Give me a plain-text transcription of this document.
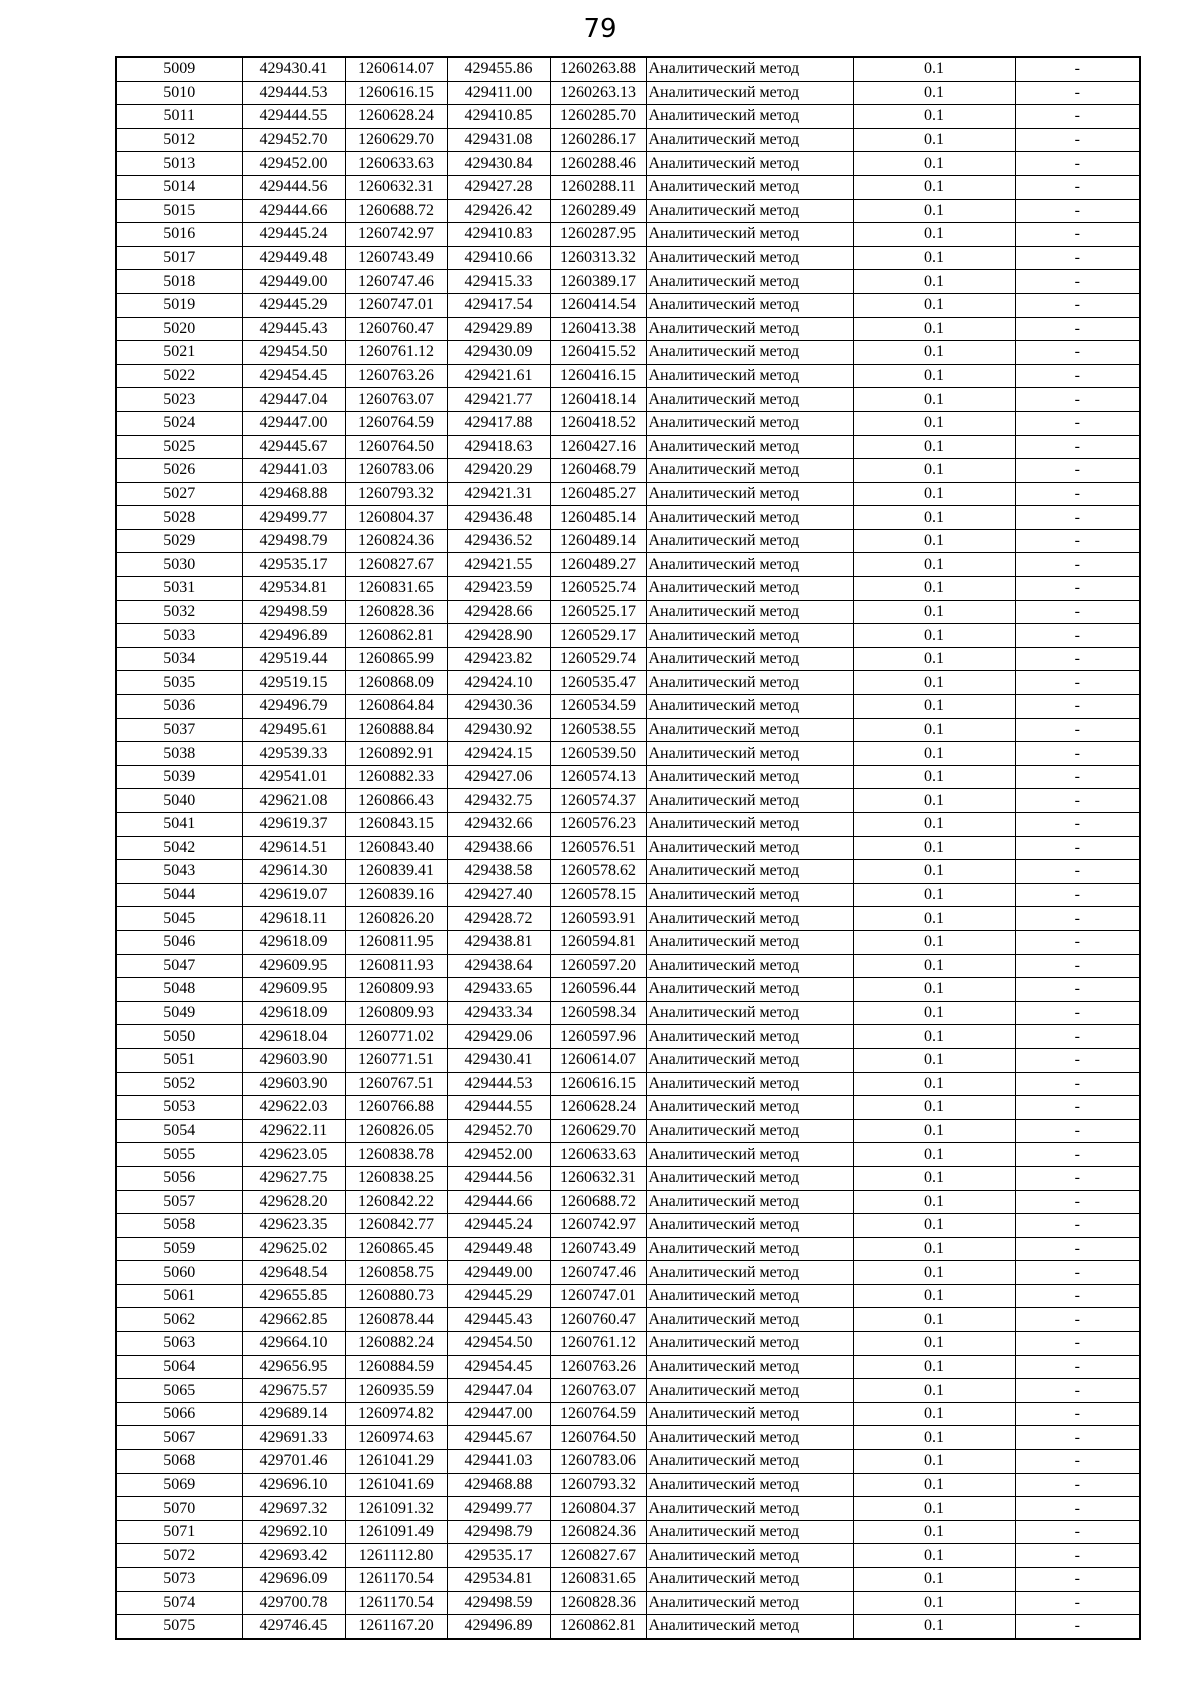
79
5009	429430.41	1260614.07	429455.86	1260263.88	Аналитический метод	0.1	-
5010	429444.53	1260616.15	429411.00	1260263.13	Аналитический метод	0.1	-
5011	429444.55	1260628.24	429410.85	1260285.70	Аналитический метод	0.1	-
5012	429452.70	1260629.70	429431.08	1260286.17	Аналитический метод	0.1	-
5013	429452.00	1260633.63	429430.84	1260288.46	Аналитический метод	0.1	-
5014	429444.56	1260632.31	429427.28	1260288.11	Аналитический метод	0.1	-
5015	429444.66	1260688.72	429426.42	1260289.49	Аналитический метод	0.1	-
5016	429445.24	1260742.97	429410.83	1260287.95	Аналитический метод	0.1	-
5017	429449.48	1260743.49	429410.66	1260313.32	Аналитический метод	0.1	-
5018	429449.00	1260747.46	429415.33	1260389.17	Аналитический метод	0.1	-
5019	429445.29	1260747.01	429417.54	1260414.54	Аналитический метод	0.1	-
5020	429445.43	1260760.47	429429.89	1260413.38	Аналитический метод	0.1	-
5021	429454.50	1260761.12	429430.09	1260415.52	Аналитический метод	0.1	-
5022	429454.45	1260763.26	429421.61	1260416.15	Аналитический метод	0.1	-
5023	429447.04	1260763.07	429421.77	1260418.14	Аналитический метод	0.1	-
5024	429447.00	1260764.59	429417.88	1260418.52	Аналитический метод	0.1	-
5025	429445.67	1260764.50	429418.63	1260427.16	Аналитический метод	0.1	-
5026	429441.03	1260783.06	429420.29	1260468.79	Аналитический метод	0.1	-
5027	429468.88	1260793.32	429421.31	1260485.27	Аналитический метод	0.1	-
5028	429499.77	1260804.37	429436.48	1260485.14	Аналитический метод	0.1	-
5029	429498.79	1260824.36	429436.52	1260489.14	Аналитический метод	0.1	-
5030	429535.17	1260827.67	429421.55	1260489.27	Аналитический метод	0.1	-
5031	429534.81	1260831.65	429423.59	1260525.74	Аналитический метод	0.1	-
5032	429498.59	1260828.36	429428.66	1260525.17	Аналитический метод	0.1	-
5033	429496.89	1260862.81	429428.90	1260529.17	Аналитический метод	0.1	-
5034	429519.44	1260865.99	429423.82	1260529.74	Аналитический метод	0.1	-
5035	429519.15	1260868.09	429424.10	1260535.47	Аналитический метод	0.1	-
5036	429496.79	1260864.84	429430.36	1260534.59	Аналитический метод	0.1	-
5037	429495.61	1260888.84	429430.92	1260538.55	Аналитический метод	0.1	-
5038	429539.33	1260892.91	429424.15	1260539.50	Аналитический метод	0.1	-
5039	429541.01	1260882.33	429427.06	1260574.13	Аналитический метод	0.1	-
5040	429621.08	1260866.43	429432.75	1260574.37	Аналитический метод	0.1	-
5041	429619.37	1260843.15	429432.66	1260576.23	Аналитический метод	0.1	-
5042	429614.51	1260843.40	429438.66	1260576.51	Аналитический метод	0.1	-
5043	429614.30	1260839.41	429438.58	1260578.62	Аналитический метод	0.1	-
5044	429619.07	1260839.16	429427.40	1260578.15	Аналитический метод	0.1	-
5045	429618.11	1260826.20	429428.72	1260593.91	Аналитический метод	0.1	-
5046	429618.09	1260811.95	429438.81	1260594.81	Аналитический метод	0.1	-
5047	429609.95	1260811.93	429438.64	1260597.20	Аналитический метод	0.1	-
5048	429609.95	1260809.93	429433.65	1260596.44	Аналитический метод	0.1	-
5049	429618.09	1260809.93	429433.34	1260598.34	Аналитический метод	0.1	-
5050	429618.04	1260771.02	429429.06	1260597.96	Аналитический метод	0.1	-
5051	429603.90	1260771.51	429430.41	1260614.07	Аналитический метод	0.1	-
5052	429603.90	1260767.51	429444.53	1260616.15	Аналитический метод	0.1	-
5053	429622.03	1260766.88	429444.55	1260628.24	Аналитический метод	0.1	-
5054	429622.11	1260826.05	429452.70	1260629.70	Аналитический метод	0.1	-
5055	429623.05	1260838.78	429452.00	1260633.63	Аналитический метод	0.1	-
5056	429627.75	1260838.25	429444.56	1260632.31	Аналитический метод	0.1	-
5057	429628.20	1260842.22	429444.66	1260688.72	Аналитический метод	0.1	-
5058	429623.35	1260842.77	429445.24	1260742.97	Аналитический метод	0.1	-
5059	429625.02	1260865.45	429449.48	1260743.49	Аналитический метод	0.1	-
5060	429648.54	1260858.75	429449.00	1260747.46	Аналитический метод	0.1	-
5061	429655.85	1260880.73	429445.29	1260747.01	Аналитический метод	0.1	-
5062	429662.85	1260878.44	429445.43	1260760.47	Аналитический метод	0.1	-
5063	429664.10	1260882.24	429454.50	1260761.12	Аналитический метод	0.1	-
5064	429656.95	1260884.59	429454.45	1260763.26	Аналитический метод	0.1	-
5065	429675.57	1260935.59	429447.04	1260763.07	Аналитический метод	0.1	-
5066	429689.14	1260974.82	429447.00	1260764.59	Аналитический метод	0.1	-
5067	429691.33	1260974.63	429445.67	1260764.50	Аналитический метод	0.1	-
5068	429701.46	1261041.29	429441.03	1260783.06	Аналитический метод	0.1	-
5069	429696.10	1261041.69	429468.88	1260793.32	Аналитический метод	0.1	-
5070	429697.32	1261091.32	429499.77	1260804.37	Аналитический метод	0.1	-
5071	429692.10	1261091.49	429498.79	1260824.36	Аналитический метод	0.1	-
5072	429693.42	1261112.80	429535.17	1260827.67	Аналитический метод	0.1	-
5073	429696.09	1261170.54	429534.81	1260831.65	Аналитический метод	0.1	-
5074	429700.78	1261170.54	429498.59	1260828.36	Аналитический метод	0.1	-
5075	429746.45	1261167.20	429496.89	1260862.81	Аналитический метод	0.1	-
